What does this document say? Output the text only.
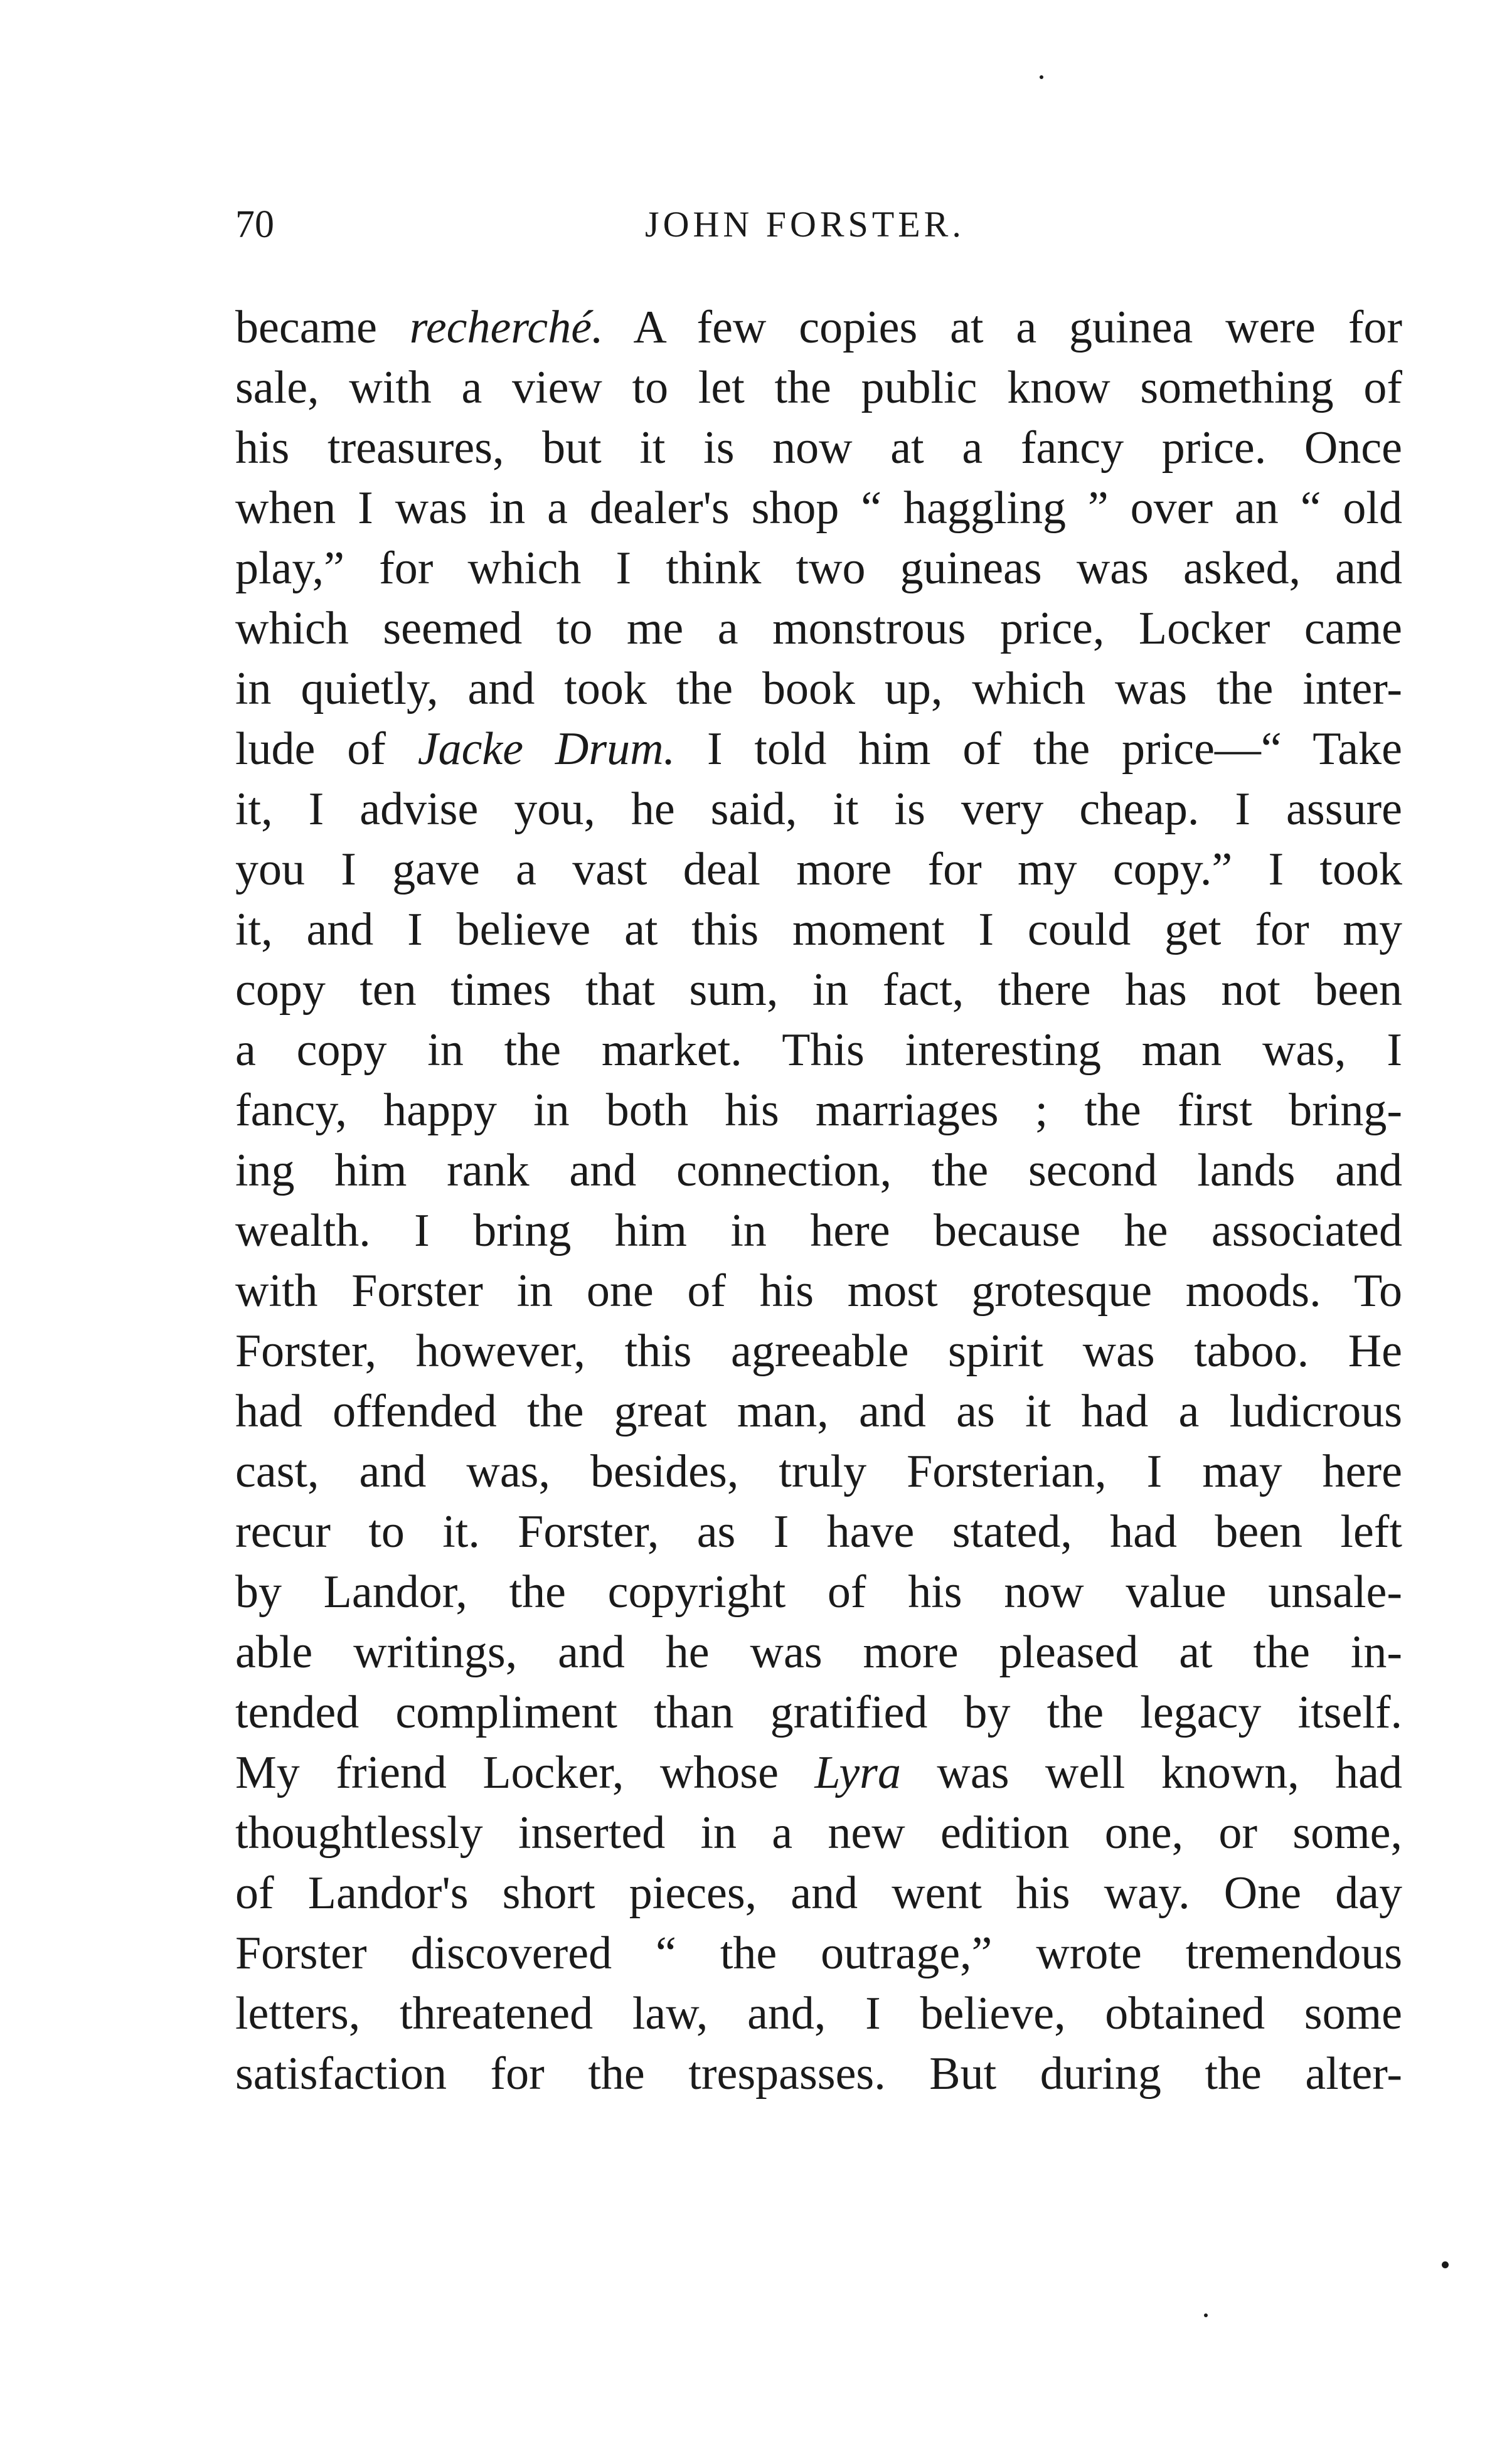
70	JOHN FORSTER.
became recherché. A few copies at a guinea were for
sale, with a view to let the public know something of
his treasures, but it is now at a fancy price. Once
when I was in a dealer's shop “ haggling ” over an “ old
play,” for which I think two guineas was asked, and
which seemed to me a monstrous price, Locker came
in quietly, and took the book up, which was the inter-
lude of Jacke Drum. I told him of the price—“ Take
it, I advise you, he said, it is very cheap. I assure
you I gave a vast deal more for my copy.” I took
it, and I believe at this moment I could get for my
copy ten times that sum, in fact, there has not been
a copy in the market. This interesting man was, I
fancy, happy in both his marriages ; the first bring-
ing him rank and connection, the second lands and
wealth. I bring him in here because he associated
with Forster in one of his most grotesque moods. To
Forster, however, this agreeable spirit was taboo. He
had offended the great man, and as it had a ludicrous
cast, and was, besides, truly Forsterian, I may here
recur to it. Forster, as I have stated, had been left
by Landor, the copyright of his now value unsale-
able writings, and he was more pleased at the in-
tended compliment than gratified by the legacy itself.
My friend Locker, whose Lyra was well known, had
thoughtlessly inserted in a new edition one, or some,
of Landor's short pieces, and went his way. One day
Forster discovered “ the outrage,” wrote tremendous
letters, threatened law, and, I believe, obtained some
satisfaction for the trespasses. But during the alter-
